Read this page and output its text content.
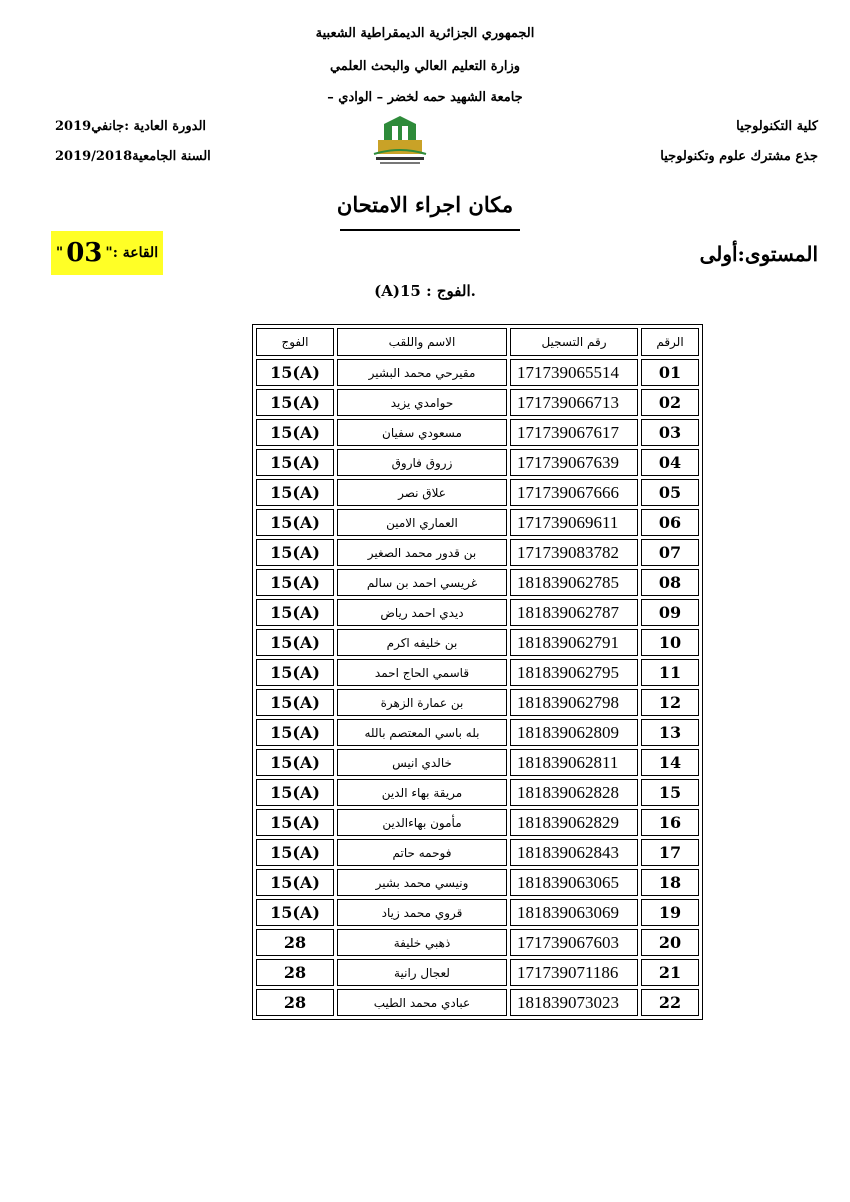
الجمهوري الجزائرية الديمقراطية الشعبية
وزارة التعليم العالي والبحث العلمي
جامعة الشهيد حمه لخضر – الوادي –
كلية التكنولوجيا
جذع مشترك علوم وتكنولوجيا
الدورة العادية :جانفي2019
السنة الجامعية2019/2018
مكان اجراء الامتحان
المستوى:أولى
القاعة :
"
03
"
.الفوج : 15(A)
الرقم	رقم التسجيل	الاسم واللقب	الفوج
01	171739065514	مقيرحي محمد البشير	15(A)
02	171739066713	حوامدي يزيد	15(A)
03	171739067617	مسعودي سفيان	15(A)
04	171739067639	زروق فاروق	15(A)
05	171739067666	علاق نصر	15(A)
06	171739069611	العماري الامين	15(A)
07	171739083782	بن قدور محمد الصغير	15(A)
08	181839062785	غريسي احمد بن سالم	15(A)
09	181839062787	ديدي احمد رياض	15(A)
10	181839062791	بن خليفه اكرم	15(A)
11	181839062795	قاسمي الحاج احمد	15(A)
12	181839062798	بن عمارة الزهرة	15(A)
13	181839062809	بله باسي المعتصم بالله	15(A)
14	181839062811	خالدي انيس	15(A)
15	181839062828	مريقة بهاء الدين	15(A)
16	181839062829	مأمون بهاءالدين	15(A)
17	181839062843	فوحمه حاتم	15(A)
18	181839063065	ونيسي محمد بشير	15(A)
19	181839063069	قروي محمد زياد	15(A)
20	171739067603	ذهبي خليفة	28
21	171739071186	لعجال رانية	28
22	181839073023	عبادي محمد الطيب	28
